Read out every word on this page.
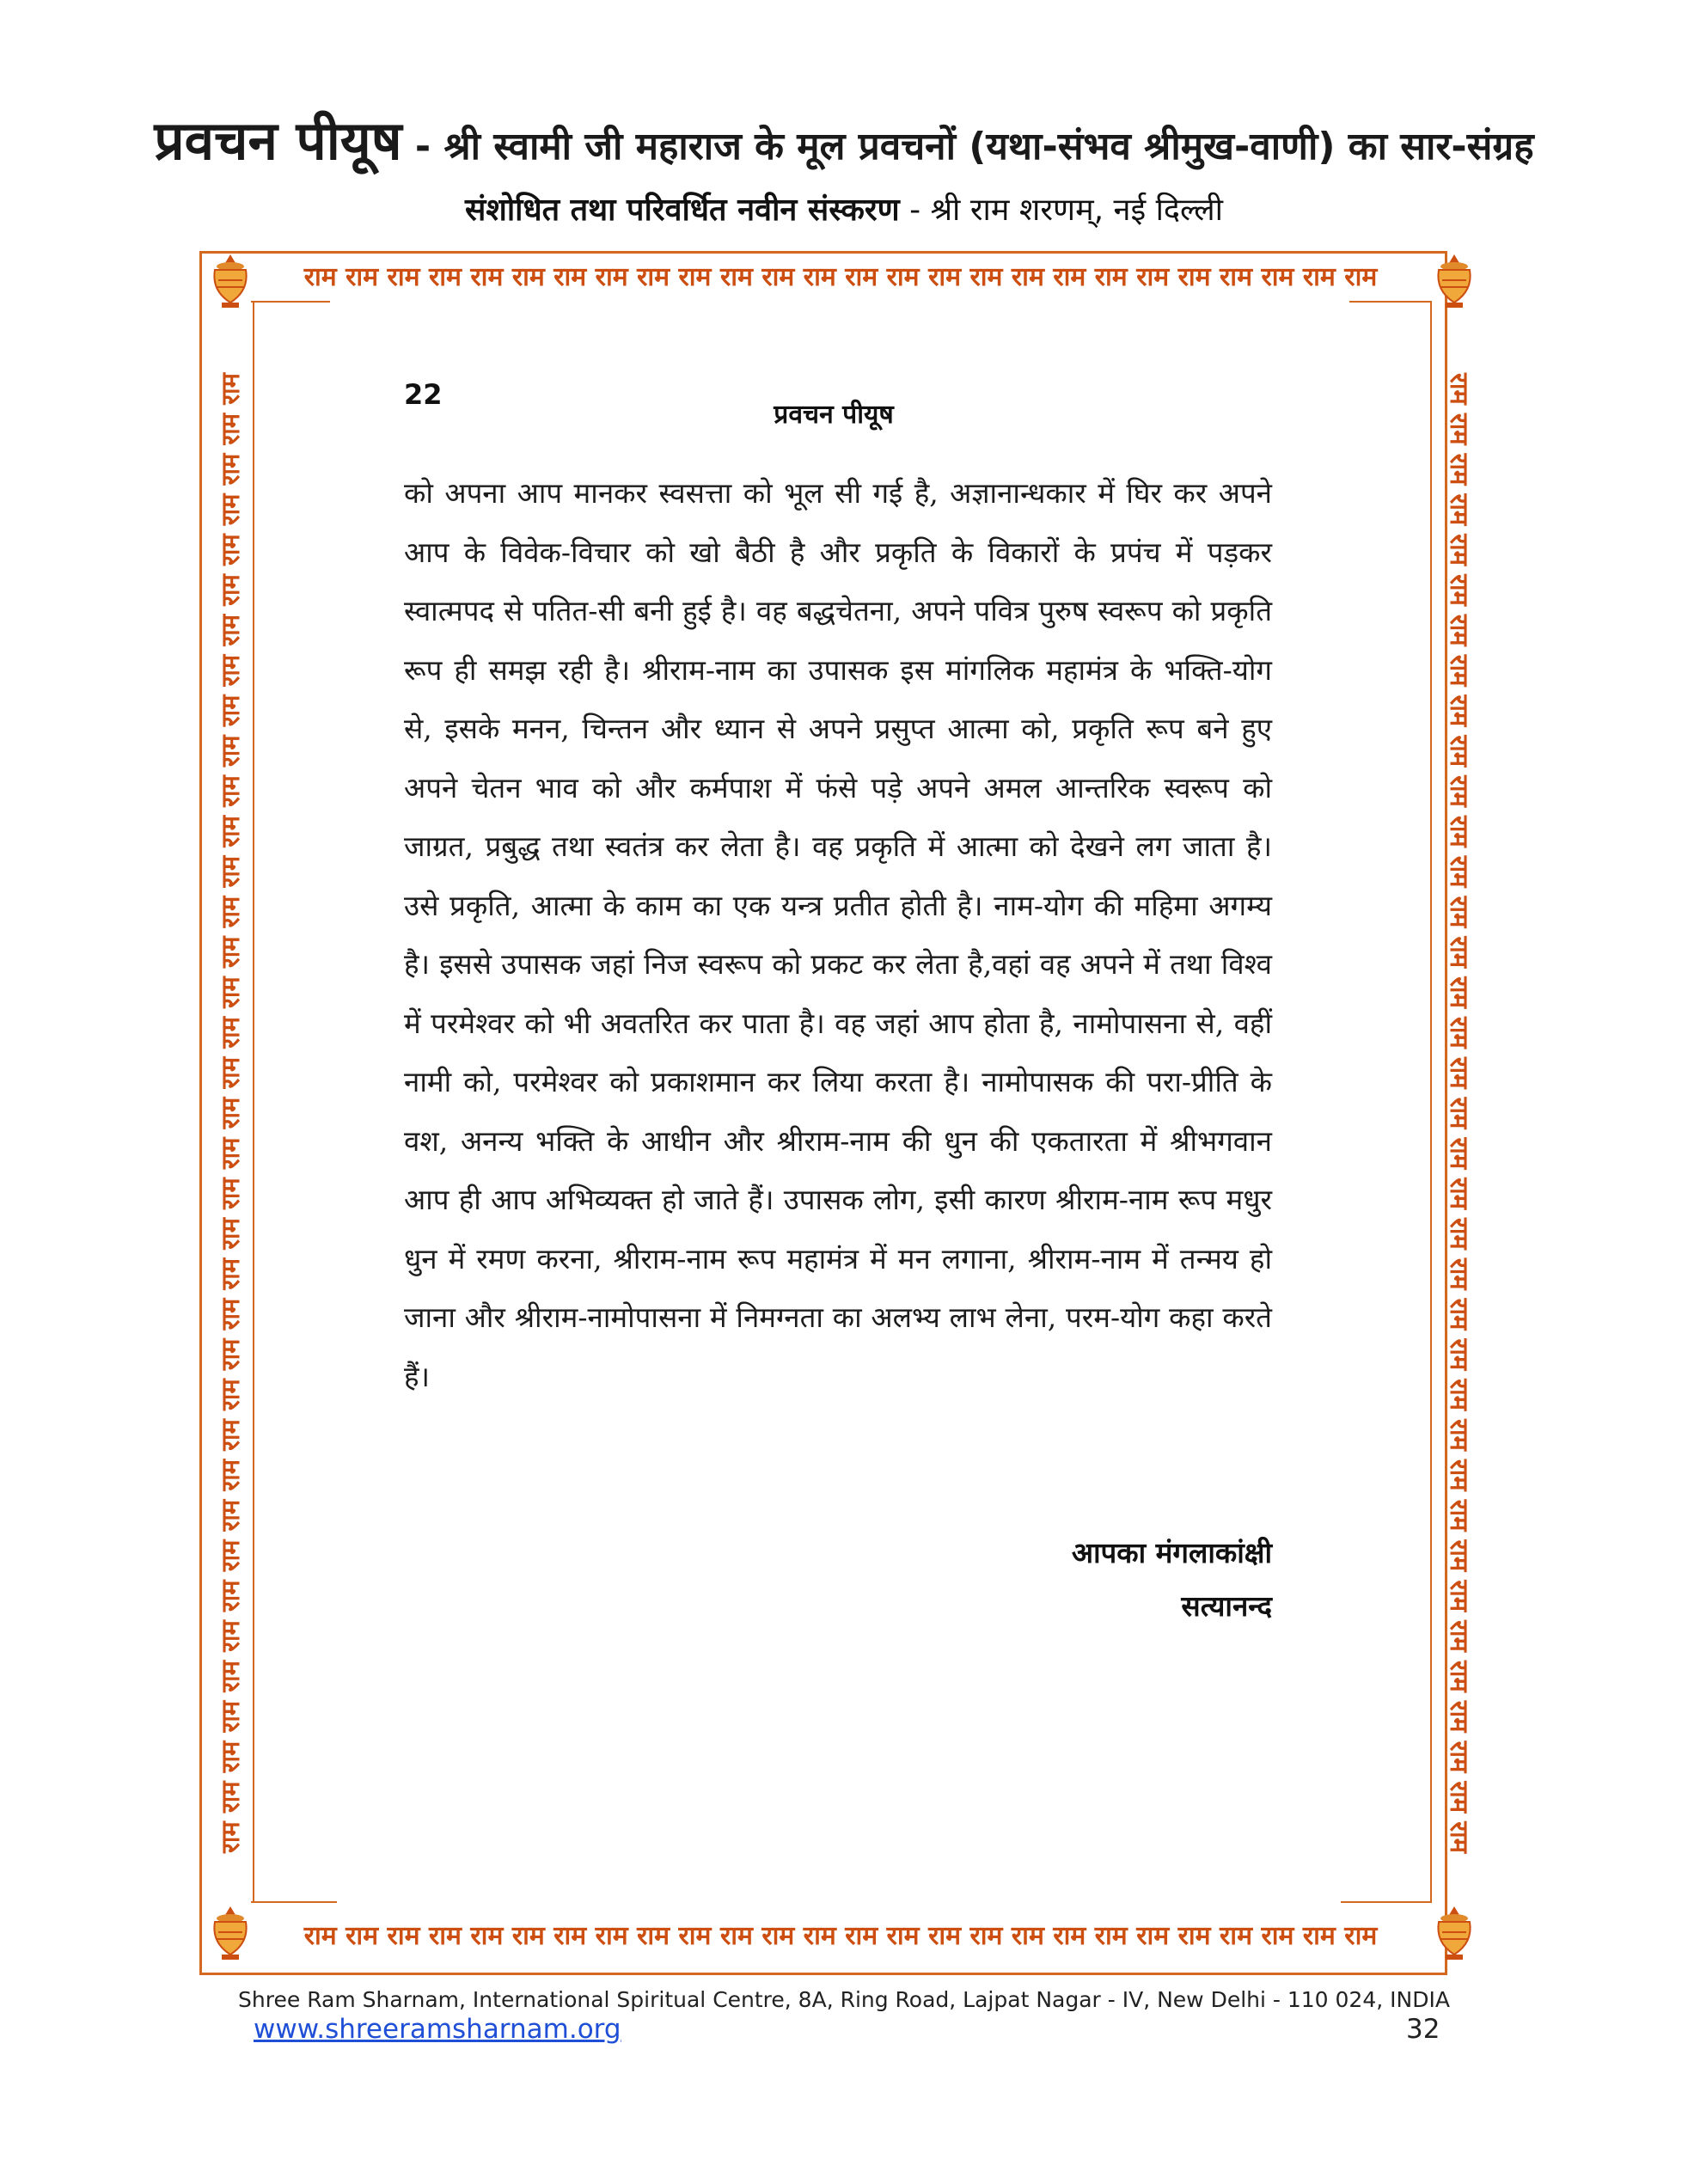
प्रवचन पीयूष - श्री स्वामी जी महाराज के मूल प्रवचनों (यथा-संभव श्रीमुख-वाणी) का सार-संग्रह
संशोधित तथा परिवर्धित नवीन संस्करण - श्री राम शरणम्, नई दिल्ली
राम राम राम राम राम राम राम राम राम राम राम राम राम राम राम राम राम राम राम राम राम राम राम राम राम राम
राम राम राम राम राम राम राम राम राम राम राम राम राम राम राम राम राम राम राम राम राम राम राम राम राम राम
राम राम राम राम राम राम राम राम राम राम राम राम राम राम राम राम राम राम राम राम राम राम राम राम राम राम राम राम राम राम राम राम राम राम राम राम राम	राम राम राम राम राम राम राम राम राम राम राम राम राम राम राम राम राम राम राम राम राम राम राम राम राम राम राम राम राम राम राम राम राम राम राम राम राम
22
प्रवचन पीयूष
को अपना आप मानकर स्वसत्ता को भूल सी गई है, अज्ञानान्धकार में घिर कर अपने आप के विवेक-विचार को खो बैठी है और प्रकृति के विकारों के प्रपंच में पड़कर स्वात्मपद से पतित-सी बनी हुई है। वह बद्धचेतना, अपने पवित्र पुरुष स्वरूप को प्रकृति रूप ही समझ रही है। श्रीराम-नाम का उपासक इस मांगलिक महामंत्र के भक्ति-योग से, इसके मनन, चिन्तन और ध्यान से अपने प्रसुप्त आत्मा को, प्रकृति रूप बने हुए अपने चेतन भाव को और कर्मपाश में फंसे पड़े अपने अमल आन्तरिक स्वरूप को जाग्रत, प्रबुद्ध तथा स्वतंत्र कर लेता है। वह प्रकृति में आत्मा को देखने लग जाता है। उसे प्रकृति, आत्मा के काम का एक यन्त्र प्रतीत होती है। नाम-योग की महिमा अगम्य है। इससे उपासक जहां निज स्वरूप को प्रकट कर लेता है,वहां वह अपने में तथा विश्व में परमेश्वर को भी अवतरित कर पाता है। वह जहां आप होता है, नामोपासना से, वहीं नामी को, परमेश्वर को प्रकाशमान कर लिया करता है। नामोपासक की परा-प्रीति के वश, अनन्य भक्ति के आधीन और श्रीराम-नाम की धुन की एकतारता में श्रीभगवान आप ही आप अभिव्यक्त हो जाते हैं। उपासक लोग, इसी कारण श्रीराम-नाम रूप मधुर धुन में रमण करना, श्रीराम-नाम रूप महामंत्र में मन लगाना, श्रीराम-नाम में तन्मय हो जाना और श्रीराम-नामोपासना में निमग्नता का अलभ्य लाभ लेना, परम-योग कहा करते हैं।
आपका मंगलाकांक्षी
सत्यानन्द
Shree Ram Sharnam, International Spiritual Centre, 8A, Ring Road, Lajpat Nagar - IV, New Delhi - 110 024, INDIA
www.shreeramsharnam.org	32
